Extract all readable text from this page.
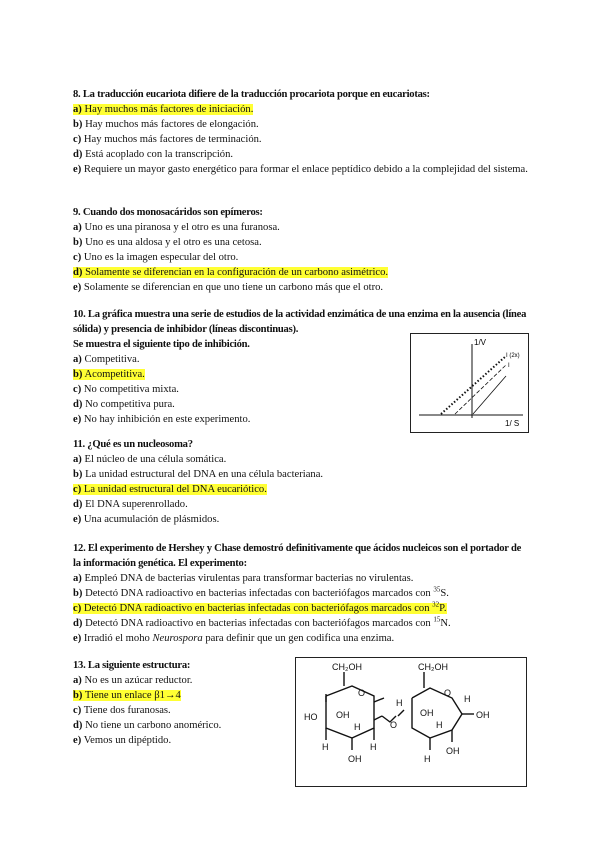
8. La traducción eucariota difiere de la traducción procariota porque en eucariotas:
a) Hay muchos más factores de iniciación.
b) Hay muchos más factores de elongación.
c) Hay muchos más factores de terminación.
d) Está acoplado con la transcripción.
e) Requiere un mayor gasto energético para formar el enlace peptídico debido a la complejidad del sistema.
9. Cuando dos monosacáridos son epímeros:
a) Uno es una piranosa y el otro es una furanosa.
b) Uno es una aldosa y el otro es una cetosa.
c) Uno es la imagen especular del otro.
d) Solamente se diferencian en la configuración de un carbono asimétrico.
e) Solamente se diferencian en que uno tiene un carbono más que el otro.
10. La gráfica muestra una serie de estudios de la actividad enzimática de una enzima en la ausencia (línea sólida) y presencia de inhibidor (líneas discontinuas).
Se muestra el siguiente tipo de inhibición.
a) Competitiva.
b) Acompetitiva.
c) No competitiva mixta.
d) No competitiva pura.
e) No hay inhibición en este experimento.
1/V
1/ S
I (2x)
I
11. ¿Qué es un nucleosoma?
a) El núcleo de una célula somática.
b) La unidad estructural del DNA en una célula bacteriana.
c) La unidad estructural del DNA eucariótico.
d) El DNA superenrollado.
e) Una acumulación de plásmidos.
12. El experimento de Hershey y Chase demostró definitivamente que ácidos nucleicos son el portador de la información genética. El experimento:
a) Empleó DNA de bacterias virulentas para transformar bacterias no virulentas.
b) Detectó DNA radioactivo en bacterias infectadas con bacteriófagos marcados con $^{35}$S.
c) Detectó DNA radioactivo en bacterias infectadas con bacteriófagos marcados con $^{32}$P.
d) Detectó DNA radioactivo en bacterias infectadas con bacteriófagos marcados con $^{15}$N.
e) Irradió el moho Neurospora para definir que un gen codifica una enzima.
13. La siguiente estructura:
a) No es un azúcar reductor.
b) Tiene un enlace β1→4
c) Tiene dos furanosas.
d) No tiene un carbono anomérico.
e) Vemos un dipéptido.
CH₂OH	CH₂OH
O	O
O
HO OH
H
H
OH
H
H
OH
H
H
OH
H
OH
